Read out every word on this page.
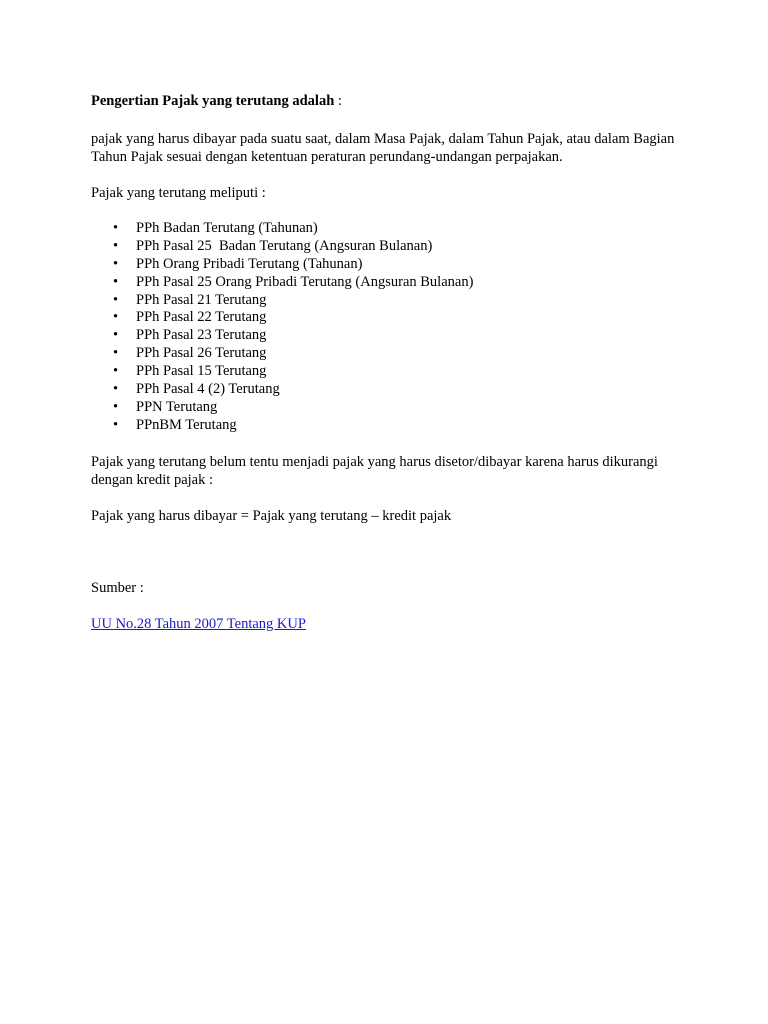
Pengertian Pajak yang terutang adalah :

pajak yang harus dibayar pada suatu saat, dalam Masa Pajak, dalam Tahun Pajak, atau dalam Bagian Tahun Pajak sesuai dengan ketentuan peraturan perundang-undangan perpajakan.

Pajak yang terutang meliputi :

• PPh Badan Terutang (Tahunan)
• PPh Pasal 25  Badan Terutang (Angsuran Bulanan)
• PPh Orang Pribadi Terutang (Tahunan)
• PPh Pasal 25 Orang Pribadi Terutang (Angsuran Bulanan)
• PPh Pasal 21 Terutang
• PPh Pasal 22 Terutang
• PPh Pasal 23 Terutang
• PPh Pasal 26 Terutang
• PPh Pasal 15 Terutang
• PPh Pasal 4 (2) Terutang
• PPN Terutang
• PPnBM Terutang

Pajak yang terutang belum tentu menjadi pajak yang harus disetor/dibayar karena harus dikurangi dengan kredit pajak :

Pajak yang harus dibayar = Pajak yang terutang – kredit pajak

Sumber :

UU No.28 Tahun 2007 Tentang KUP
